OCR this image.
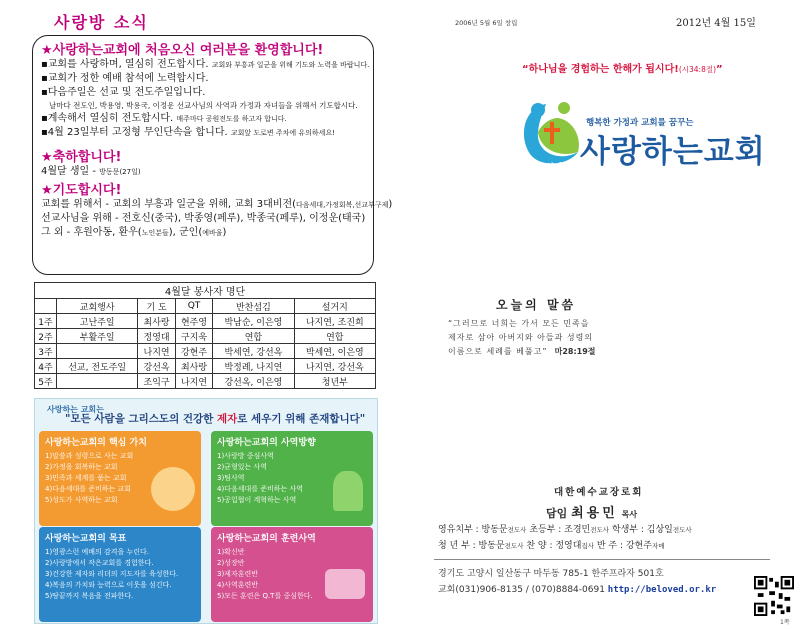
사랑방 소식
★사랑하는교회에 처음오신 여러분을 환영합니다!
▪교회를 사랑하며, 열심히 전도합시다. 교회와 부흥과 일군을 위해 기도와 노력을 바랍니다.
▪교회가 정한 예배 참석에 노력합시다.
▪다음주일은 선교 및 전도주일입니다.
날마다 전도인, 박용영, 박용국, 이정운 선교사님의 사역과 가정과 자녀들을 위해서 기도합시다.
▪계속해서 열심히 전도합시다. 매주마다 공원전도를 하고자 합니다.
▪4월 23일부터 고정형 무인단속을 합니다. 교회앞 도로변 주차에 유의하세요!
★축하합니다!
4월달 생일 - 방동문(27일)
★기도합시다!
교회를 위해서 - 교회의 부흥과 일군을 위해, 교회 3대비전(다음세대,가정회복,선교부구제)
선교사님을 위해 - 전호신(중국), 박종영(페루), 박종국(페루), 이정운(태국)
그 외 - 후원아동, 환우(노인분들), 군인(예바울)
4월달 봉사자 명단					
	교회행사	기 도	QT	반찬섬김	설거지
1주	고난주일	최사랑	현주영	박남순, 이은영	나지연, 조진희
2주	부활주일	정영대	구지욱	연합	연합
3주		나지연	강현주	박세연, 강선옥	박세연, 이은영
4주	선교, 전도주일	강선옥	최사랑	박정례, 나지연	나지연, 강선옥
5주		조익구	나지연	강선옥, 이은영	청년부
사랑하는 교회는
"모든 사람을 그리스도의 건강한 제자로 세우기 위해 존재합니다"
사랑하는교회의 핵심 가치
1)말씀과 성령으로 사는 교회
2)가정을 회복하는 교회
3)민족과 세계를 품는 교회
4)다음세대를 준비하는 교회
5)성도가 사역하는 교회
사랑하는교회의 사역방향
1)사랑방 중심사역
2)균형있는 사역
3)팀사역
4)다음세대를 준비하는 사역
5)공입협이 계혁하는 사역
사랑하는교회의 목표
1)영광스런 예배의 감격을 누린다.
2)사랑방에서 작은교회를 경험한다.
3)건강한 제자와 리더의 지도자를 육성한다.
4)복음의 가치와 능력으로 이웃을 섬긴다.
5)땅끝까지 복음을 전파한다.
사랑하는교회의 훈련사역
1)확신반
2)성장반
3)제자훈련반
4)사역훈련반
5)모든 훈련은 Q.T를 중심한다.
2006년 5월 6일 창립	2012년 4월 15일
“하나님을 경험하는 한해가 됩시다!(시34:8절)”
Community Church
행복한 가정과 교회를 꿈꾸는
사랑하는교회
오늘의 말씀
“그러므로 너희는 가서 모든 민족을
제자로 삼아 아버지와 아들과 성령의
이름으로 세례를 베풀고” 마28:19절
대한예수교장로회
담임 최용민 목사
영유치부 : 방동문전도사 초등부 : 조경민전도사 학생부 : 김상일전도사
청 년 부 : 방동문전도사 찬 양 : 정영대집사 반 주 : 강현주자매
경기도 고양시 일산동구 마두동 785-1 한주프라자 501호
교회(031)906-8135 / (070)8884-0691 http://beloved.or.kr
1쪽
